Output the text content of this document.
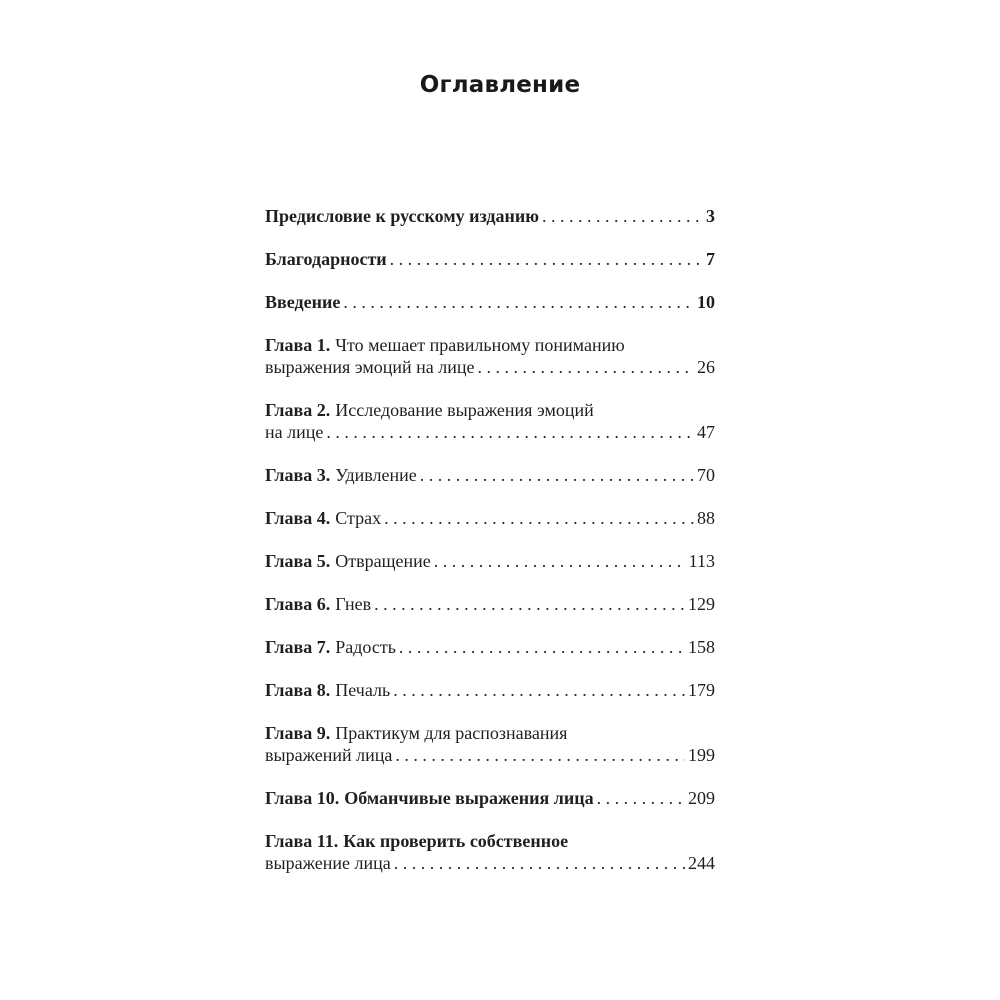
Оглавление
Предисловие к русскому изданию . . .	3
Благодарности . . .	7
Введение . . .	10
Глава 1. Что мешает правильному пониманию
выражения эмоций на лице . . .	26
Глава 2. Исследование выражения эмоций
на лице . . .	47
Глава 3. Удивление . . .	70
Глава 4. Страх . . .	88
Глава 5. Отвращение . . .	113
Глава 6. Гнев . . .	129
Глава 7. Радость . . .	158
Глава 8. Печаль . . .	179
Глава 9. Практикум для распознавания
выражений лица . . .	199
Глава 10. Обманчивые выражения лица . . .	209
Глава 11. Как проверить собственное
выражение лица . . .	244
